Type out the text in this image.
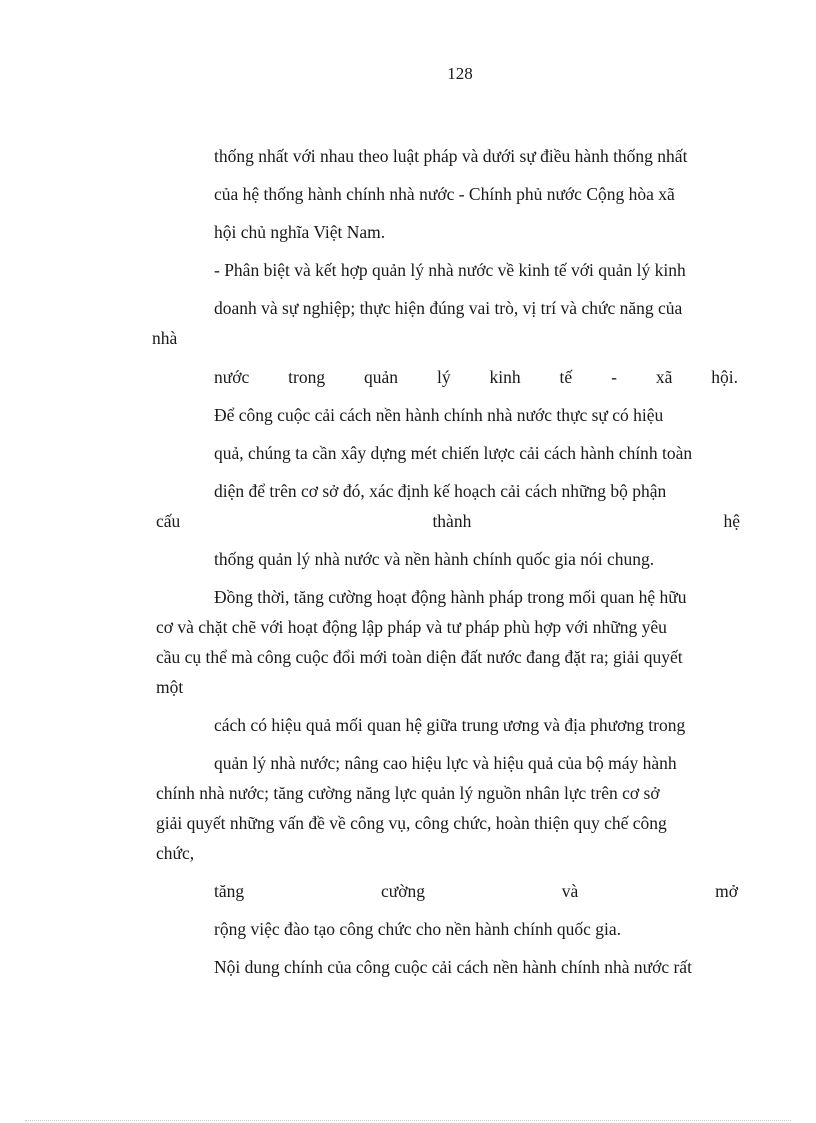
128
thống nhất với nhau theo luật pháp và dưới sự điều hành thống nhất
của hệ thống hành chính nhà nước - Chính phủ nước Cộng hòa xã
hội chủ nghĩa Việt Nam.
- Phân biệt và kết hợp quản lý nhà nước về kinh tế với quản lý kinh
doanh và sự nghiệp; thực hiện đúng vai trò, vị trí và chức năng của
nhà
nước trong quản lý kinh tế - xã hội.
Để công cuộc cải cách nền hành chính nhà nước thực sự có hiệu
quả, chúng ta cần xây dựng mét chiến lược cải cách hành chính toàn
diện để trên cơ sở đó, xác định kế hoạch cải cách những bộ phận
cấu	thành	hệ
thống quản lý nhà nước và nền hành chính quốc gia nói chung.
Đồng thời, tăng cường hoạt động hành pháp trong mối quan hệ hữu
cơ và chặt chẽ với hoạt động lập pháp và tư pháp phù hợp với những yêu
cầu cụ thể mà công cuộc đổi mới toàn diện đất nước đang đặt ra; giải quyết
một
cách có hiệu quả mối quan hệ giữa trung ương và địa phương trong
quản lý nhà nước; nâng cao hiệu lực và hiệu quả của bộ máy hành
chính nhà nước; tăng cường năng lực quản lý nguồn nhân lực trên cơ sở
giải quyết những vấn đề về công vụ, công chức, hoàn thiện quy chế công
chức,
tăng	cường	và	mở
rộng việc đào tạo công chức cho nền hành chính quốc gia.
Nội dung chính của công cuộc cải cách nền hành chính nhà nước rất
